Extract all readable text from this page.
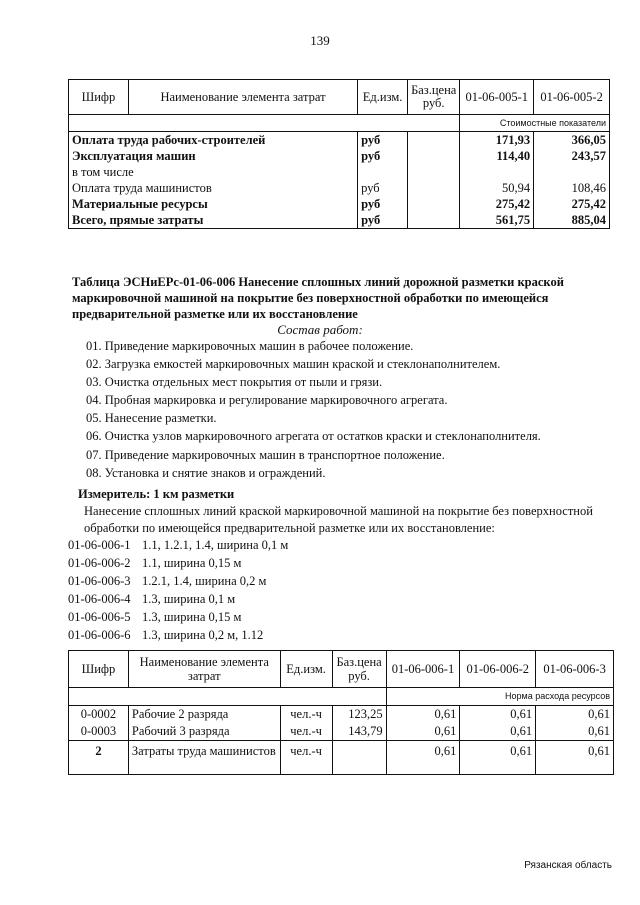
139
Шифр	Наименование элемента затрат	Ед.изм.	Баз.цена руб.	01-06-005-1	01-06-005-2
				Стоимостные показатели	
Оплата труда рабочих-строителей		руб		171,93	366,05
Эксплуатация машин		руб		114,40	243,57
в том числе					
Оплата труда машинистов		руб		50,94	108,46
Материальные ресурсы		руб		275,42	275,42
Всего, прямые затраты		руб		561,75	885,04
Таблица ЭСНиЕРс-01-06-006 Нанесение сплошных линий дорожной разметки краской маркировочной машиной на покрытие без поверхностной обработки по имеющейся предварительной разметке или их восстановление
Состав работ:
01. Приведение маркировочных машин в рабочее положение.
02. Загрузка емкостей маркировочных машин краской и стеклонаполнителем.
03. Очистка отдельных мест покрытия от пыли и грязи.
04. Пробная маркировка и регулирование маркировочного агрегата.
05. Нанесение разметки.
06. Очистка узлов маркировочного агрегата от остатков краски и стеклонаполнителя.
07. Приведение маркировочных машин в транспортное положение.
08. Установка и снятие знаков и ограждений.
Измеритель: 1 км разметки
Нанесение сплошных линий краской маркировочной машиной на покрытие без поверхностной обработки по имеющейся предварительной разметке или их восстановление:
01-06-006-1 1.1, 1.2.1, 1.4, ширина 0,1 м
01-06-006-2 1.1, ширина 0,15 м
01-06-006-3 1.2.1, 1.4, ширина 0,2 м
01-06-006-4 1.3, ширина 0,1 м
01-06-006-5 1.3, ширина 0,15 м
01-06-006-6 1.3, ширина 0,2 м, 1.12
Шифр	Наименование элемента затрат	Ед.изм.	Баз.цена руб.	01-06-006-1	01-06-006-2	01-06-006-3
				Норма расхода ресурсов		
0-0002	Рабочие 2 разряда	чел.-ч	123,25	0,61	0,61	0,61
0-0003	Рабочий 3 разряда	чел.-ч	143,79	0,61	0,61	0,61
2	Затраты труда машинистов	чел.-ч		0,61	0,61	0,61
Рязанская область
